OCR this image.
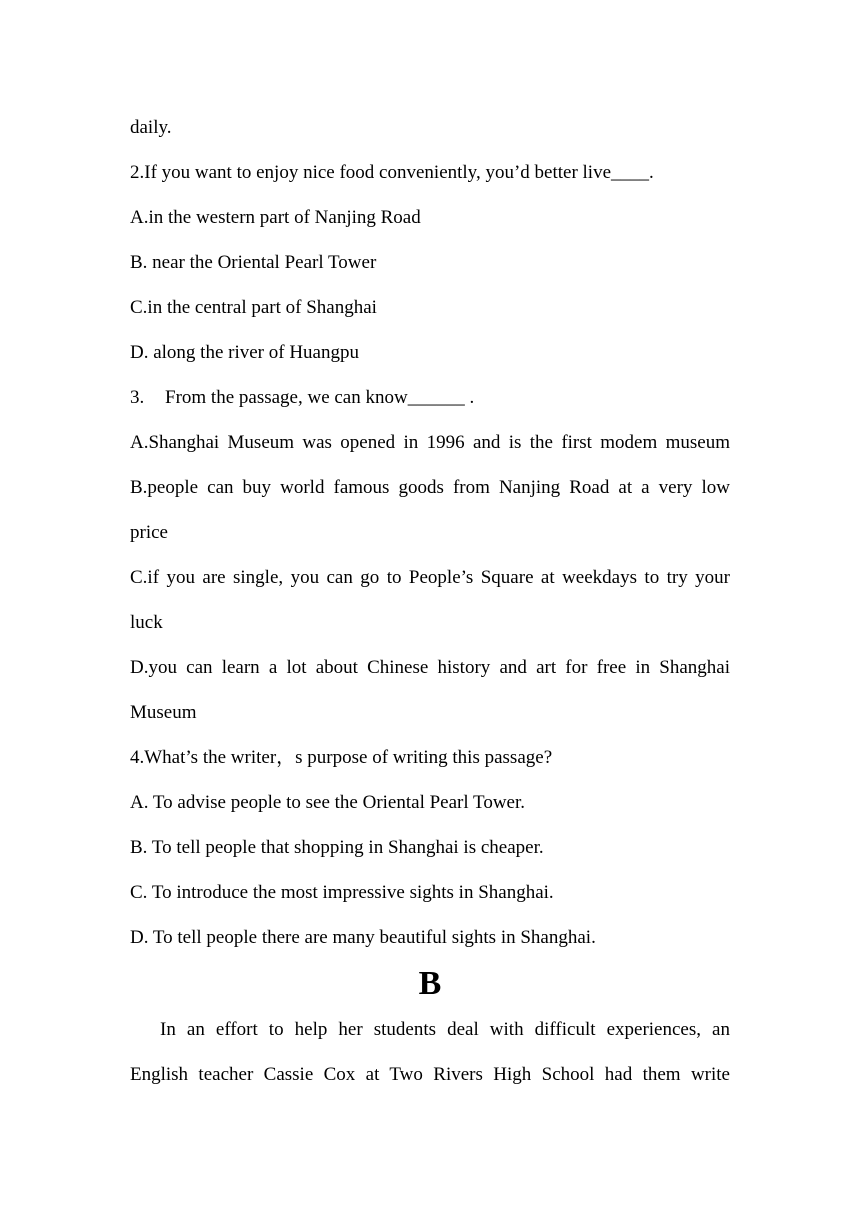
daily.
2.If you want to enjoy nice food conveniently, you’d better live____.
A.in the western part of Nanjing Road
B. near the Oriental Pearl Tower
C.in the central part of Shanghai
D. along the river of Huangpu
3. From the passage, we can know______ .
A.Shanghai Museum was opened in 1996 and is the first modem museum
B.people can buy world famous goods from Nanjing Road at a very low
price
C.if you are single, you can go to People’s Square at weekdays to try your
luck
D.you can learn a lot about Chinese history and art for free in Shanghai
Museum
4.What’s the writer，s purpose of writing this passage?
A. To advise people to see the Oriental Pearl Tower.
B. To tell people that shopping in Shanghai is cheaper.
C. To introduce the most impressive sights in Shanghai.
D. To tell people there are many beautiful sights in Shanghai.
B
In an effort to help her students deal with difficult experiences, an
English teacher Cassie Cox at Two Rivers High School had them write
